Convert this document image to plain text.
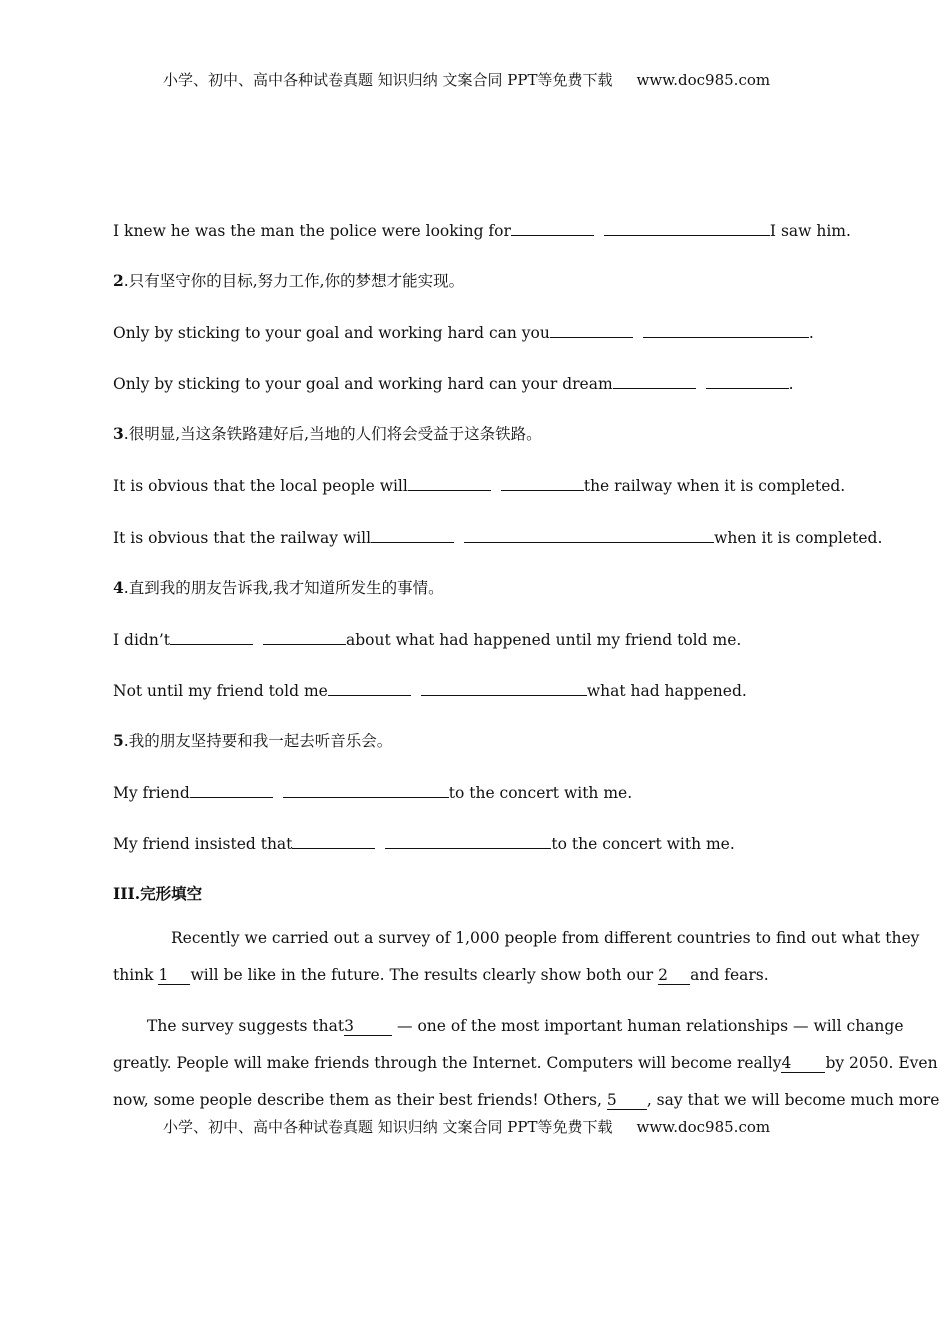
小学、初中、高中各种试卷真题 知识归纳 文案合同 PPT等免费下载 www.doc985.com
I knew he was the man the police were looking for	I saw him.
2.只有坚守你的目标,努力工作,你的梦想才能实现。
Only by sticking to your goal and working hard can you	.
Only by sticking to your goal and working hard can your dream	.
3.很明显,当这条铁路建好后,当地的人们将会受益于这条铁路。
It is obvious that the local people will	the railway when it is completed.
It is obvious that the railway will	when it is completed.
4.直到我的朋友告诉我,我才知道所发生的事情。
I didn’t	about what had happened until my friend told me.
Not until my friend told me	what had happened.
5.我的朋友坚持要和我一起去听音乐会。
My friend	to the concert with me.
My friend insisted that	to the concert with me.
III.完形填空
Recently we carried out a survey of 1,000 people from different countries to find out what they
think 1 will be like in the future. The results clearly show both our 2 and fears.
The survey suggests that3 — one of the most important human relationships — will change
greatly. People will make friends through the Internet. Computers will become really4 by 2050. Even
now, some people describe them as their best friends! Others, 5 , say that we will become much more
小学、初中、高中各种试卷真题 知识归纳 文案合同 PPT等免费下载 www.doc985.com
